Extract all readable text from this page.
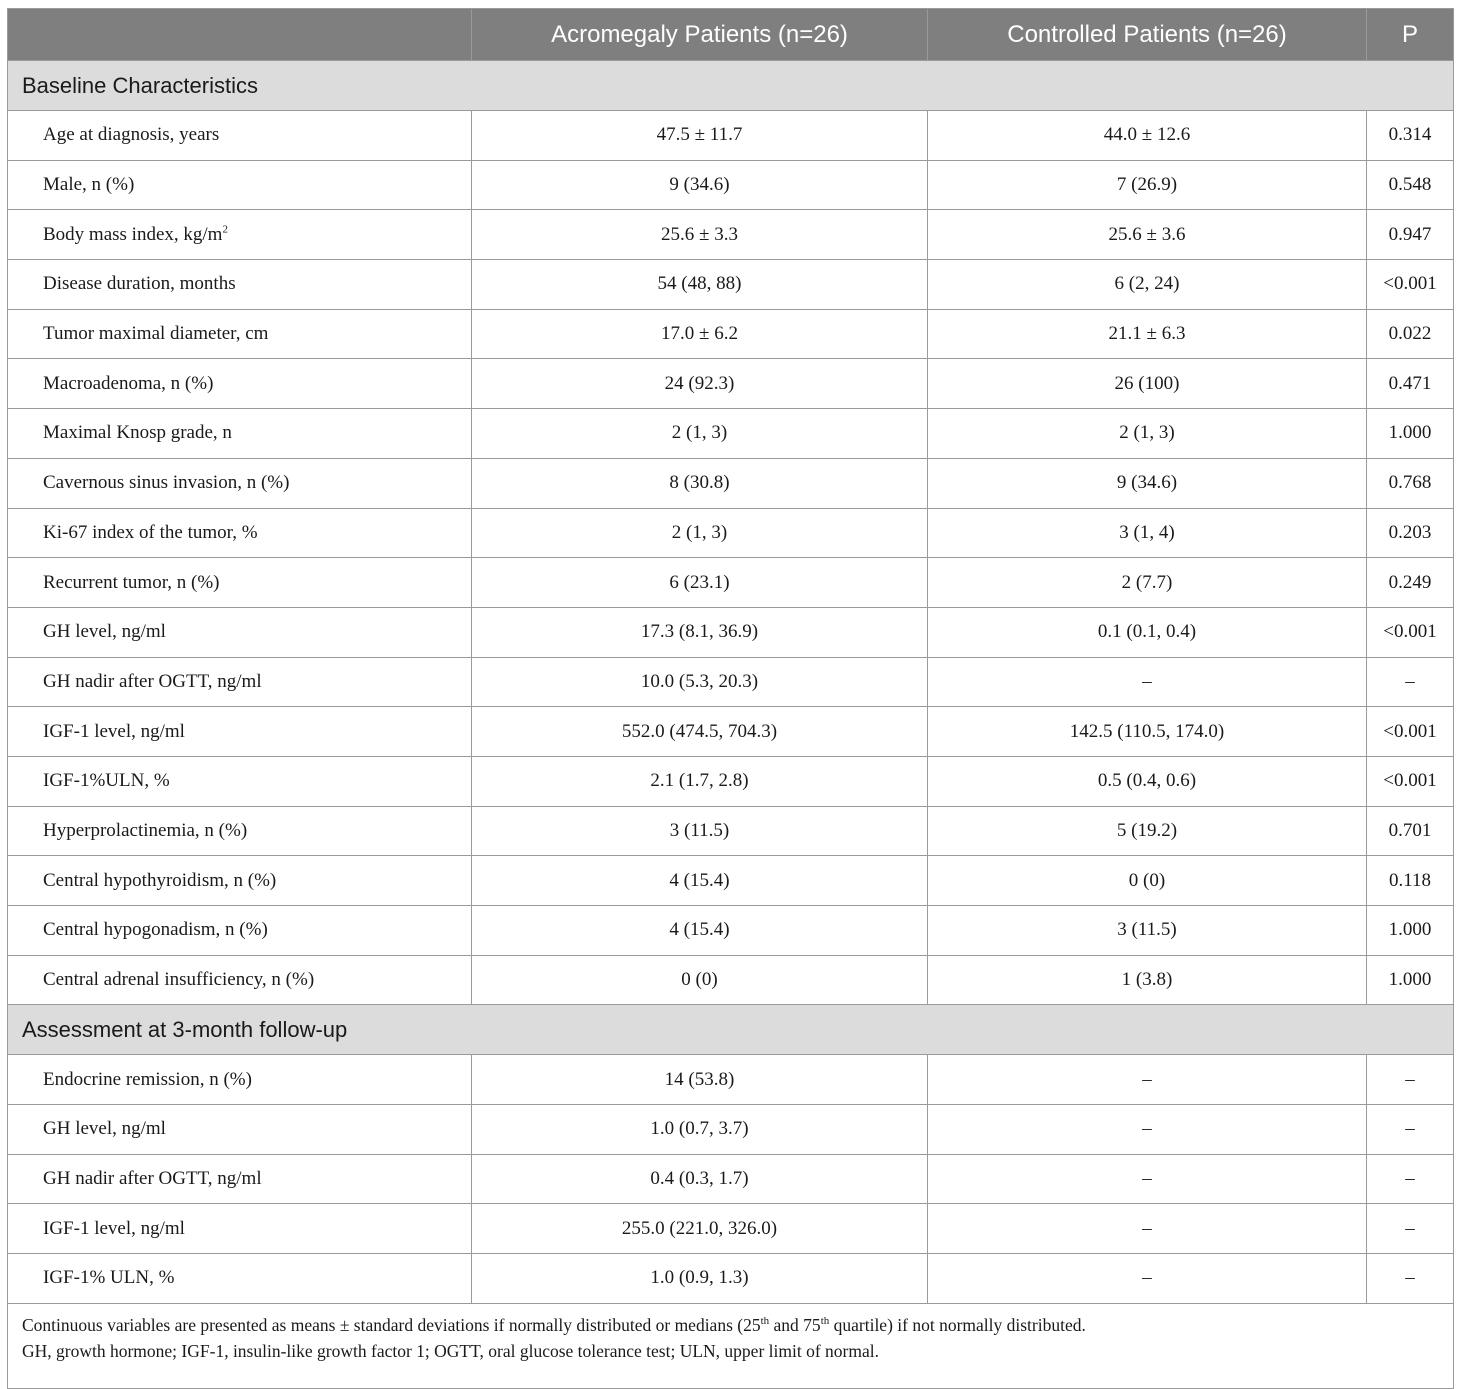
	Acromegaly Patients (n=26)	Controlled Patients (n=26)	P
Baseline Characteristics			
Age at diagnosis, years	47.5 ± 11.7	44.0 ± 12.6	0.314
Male, n (%)	9 (34.6)	7 (26.9)	0.548
Body mass index, $kg/m^2$	25.6 ± 3.3	25.6 ± 3.6	0.947
Disease duration, months	54 (48, 88)	6 (2, 24)	<0.001
Tumor maximal diameter, cm	17.0 ± 6.2	21.1 ± 6.3	0.022
Macroadenoma, n (%)	24 (92.3)	26 (100)	0.471
Maximal Knosp grade, n	2 (1, 3)	2 (1, 3)	1.000
Cavernous sinus invasion, n (%)	8 (30.8)	9 (34.6)	0.768
Ki-67 index of the tumor, %	2 (1, 3)	3 (1, 4)	0.203
Recurrent tumor, n (%)	6 (23.1)	2 (7.7)	0.249
GH level, ng/ml	17.3 (8.1, 36.9)	0.1 (0.1, 0.4)	<0.001
GH nadir after OGTT, ng/ml	10.0 (5.3, 20.3)	–	–
IGF-1 level, ng/ml	552.0 (474.5, 704.3)	142.5 (110.5, 174.0)	<0.001
IGF-1%ULN, %	2.1 (1.7, 2.8)	0.5 (0.4, 0.6)	<0.001
Hyperprolactinemia, n (%)	3 (11.5)	5 (19.2)	0.701
Central hypothyroidism, n (%)	4 (15.4)	0 (0)	0.118
Central hypogonadism, n (%)	4 (15.4)	3 (11.5)	1.000
Central adrenal insufficiency, n (%)	0 (0)	1 (3.8)	1.000
Assessment at 3-month follow-up			
Endocrine remission, n (%)	14 (53.8)	–	–
GH level, ng/ml	1.0 (0.7, 3.7)	–	–
GH nadir after OGTT, ng/ml	0.4 (0.3, 1.7)	–	–
IGF-1 level, ng/ml	255.0 (221.0, 326.0)	–	–
IGF-1% ULN, %	1.0 (0.9, 1.3)	–	–
Continuous variables are presented as means ± standard deviations if normally distributed or medians (25th and 75th quartile) if not normally distributed.
GH, growth hormone; IGF-1, insulin-like growth factor 1; OGTT, oral glucose tolerance test; ULN, upper limit of normal.			
